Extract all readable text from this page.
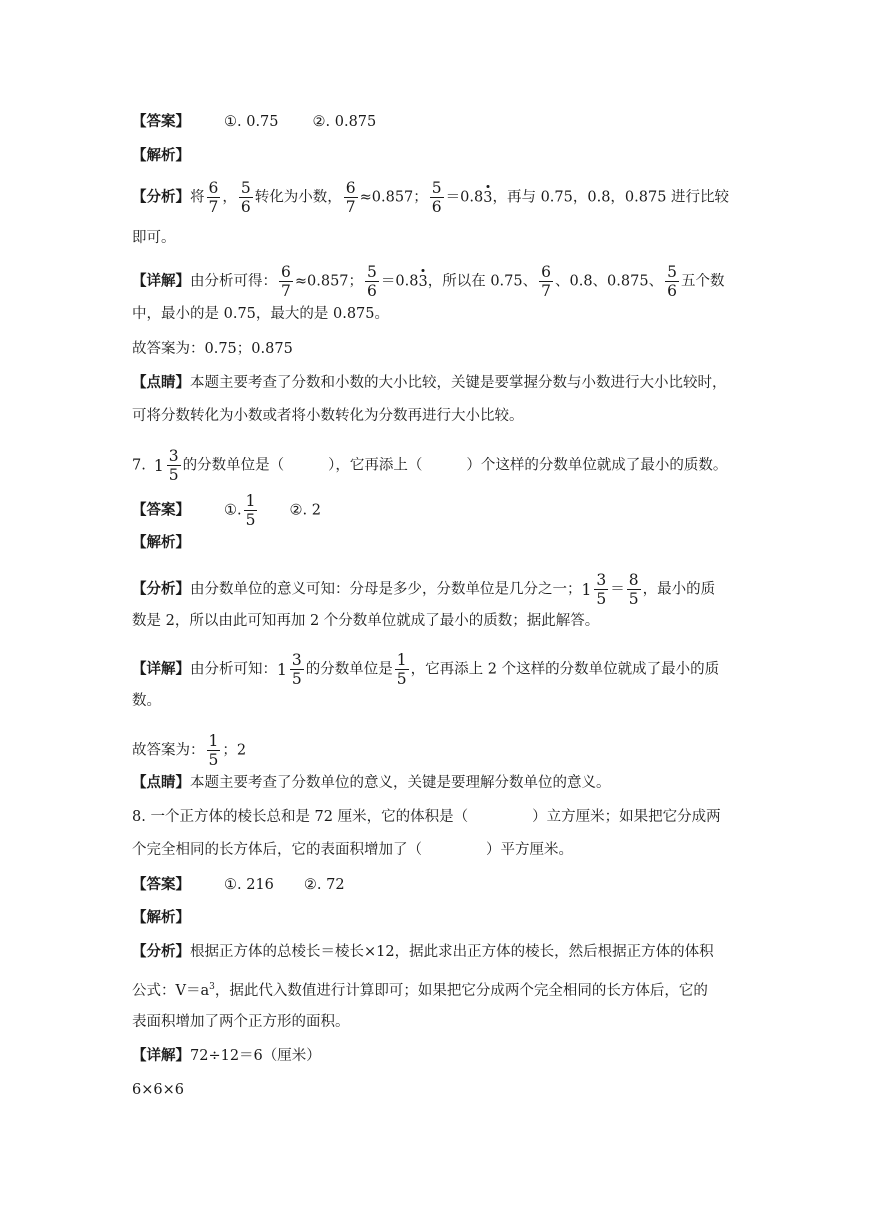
【答案】 ①. 0.75 ②. 0.875
【解析】
【分析】将 $\frac{6}{7}$ ， $\frac{5}{6}$ 转化为小数， $\frac{6}{7} \approx 0.857$； $\frac{5}{6} =0.83$，再与 0.75，0.8，0.875 进行比较
即可。
【详解】由分析可得： $\frac{6}{7} \approx 0.857$； $\frac{5}{6} =0.83$，所以在 0.75、 $\frac{6}{7}$ 、0.8、0.875、 $\frac{5}{6}$ 五个数
中，最小的是 0.75，最大的是 0.875。
故答案为：0.75；0.875
【点睛】本题主要考查了分数和小数的大小比较，关键是要掌握分数与小数进行大小比较时，
可将分数转化为小数或者将小数转化为分数再进行大小比较。
7. $1 \frac{3}{5}$ 的分数单位是（	），它再添上（	）个这样的分数单位就成了最小的质数。
【答案】 ①. $\frac{1}{5}$ ②. 2
【解析】
【分析】由分数单位的意义可知：分母是多少，分数单位是几分之一； $1 \frac{3}{5} = \frac{8}{5}$ ，最小的质
数是 2，所以由此可知再加 2 个分数单位就成了最小的质数；据此解答。
【详解】由分析可知： $1 \frac{3}{5}$ 的分数单位是 $\frac{1}{5}$ ，它再添上 2 个这样的分数单位就成了最小的质
数。
故答案为： $\frac{1}{5}$ ；2
【点睛】本题主要考查了分数单位的意义，关键是要理解分数单位的意义。
8. 一个正方体的棱长总和是 72 厘米，它的体积是（	）立方厘米；如果把它分成两
个完全相同的长方体后，它的表面积增加了（	）平方厘米。
【答案】 ①. 216 ②. 72
【解析】
【分析】根据正方体的总棱长＝棱长×12，据此求出正方体的棱长，然后根据正方体的体积
公式：$V=a^3$，据此代入数值进行计算即可；如果把它分成两个完全相同的长方体后，它的
表面积增加了两个正方形的面积。
【详解】72÷12＝6（厘米）
6×6×6
